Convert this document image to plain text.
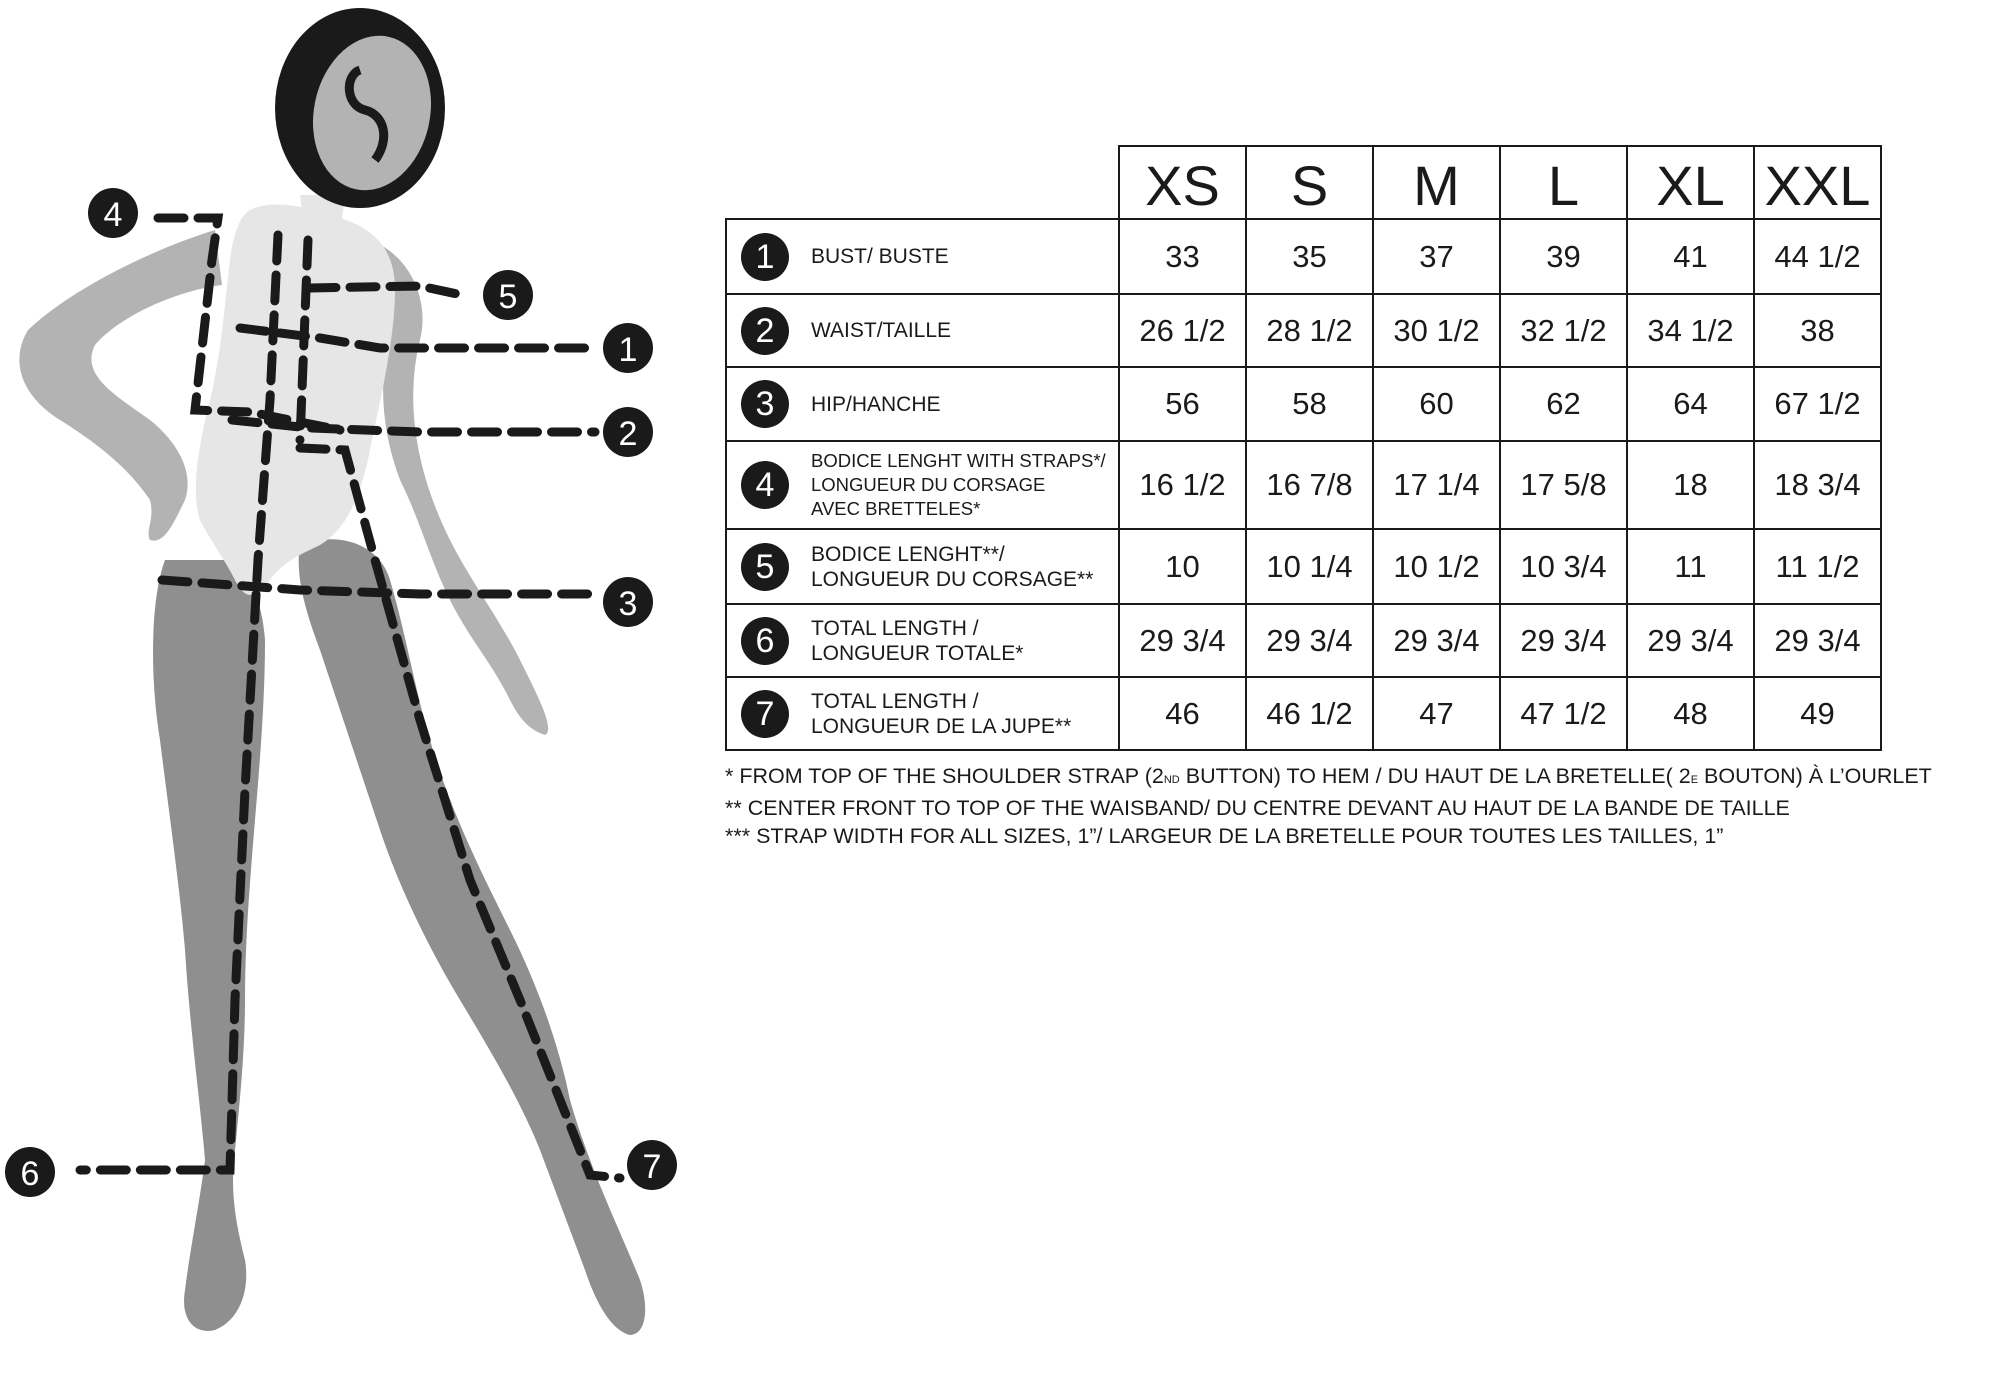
4
5
1
2
3
6	7
	XS	S	M	L	XL	XXL

1 BUST/ BUSTE	33	35	37	39	41	44 1/2

2 WAIST/TAILLE	26 1/2	28 1/2	30 1/2	32 1/2	34 1/2	38

3 HIP/HANCHE	56	58	60	62	64	67 1/2

4
BODICE LENGHT WITH STRAPS*/
LONGUEUR DU CORSAGE
AVEC BRETTELES*	16 1/2	16 7/8	17 1/4	17 5/8	18	18 3/4

5 BODICE LENGHT**/
LONGUEUR DU CORSAGE**	10	10 1/4	10 1/2	10 3/4	11	11 1/2

6 TOTAL LENGTH /
LONGUEUR TOTALE*	29 3/4	29 3/4	29 3/4	29 3/4	29 3/4	29 3/4

7 TOTAL LENGTH /
LONGUEUR DE LA JUPE**	46	46 1/2	47	47 1/2	48	49
* FROM TOP OF THE SHOULDER STRAP (2ND BUTTON) TO HEM / DU HAUT DE LA BRETELLE( 2E BOUTON) À L’OURLET
** CENTER FRONT TO TOP OF THE WAISBAND/ DU CENTRE DEVANT AU HAUT DE LA BANDE DE TAILLE
*** STRAP WIDTH FOR ALL SIZES, 1”/ LARGEUR DE LA BRETELLE POUR TOUTES LES TAILLES, 1”
